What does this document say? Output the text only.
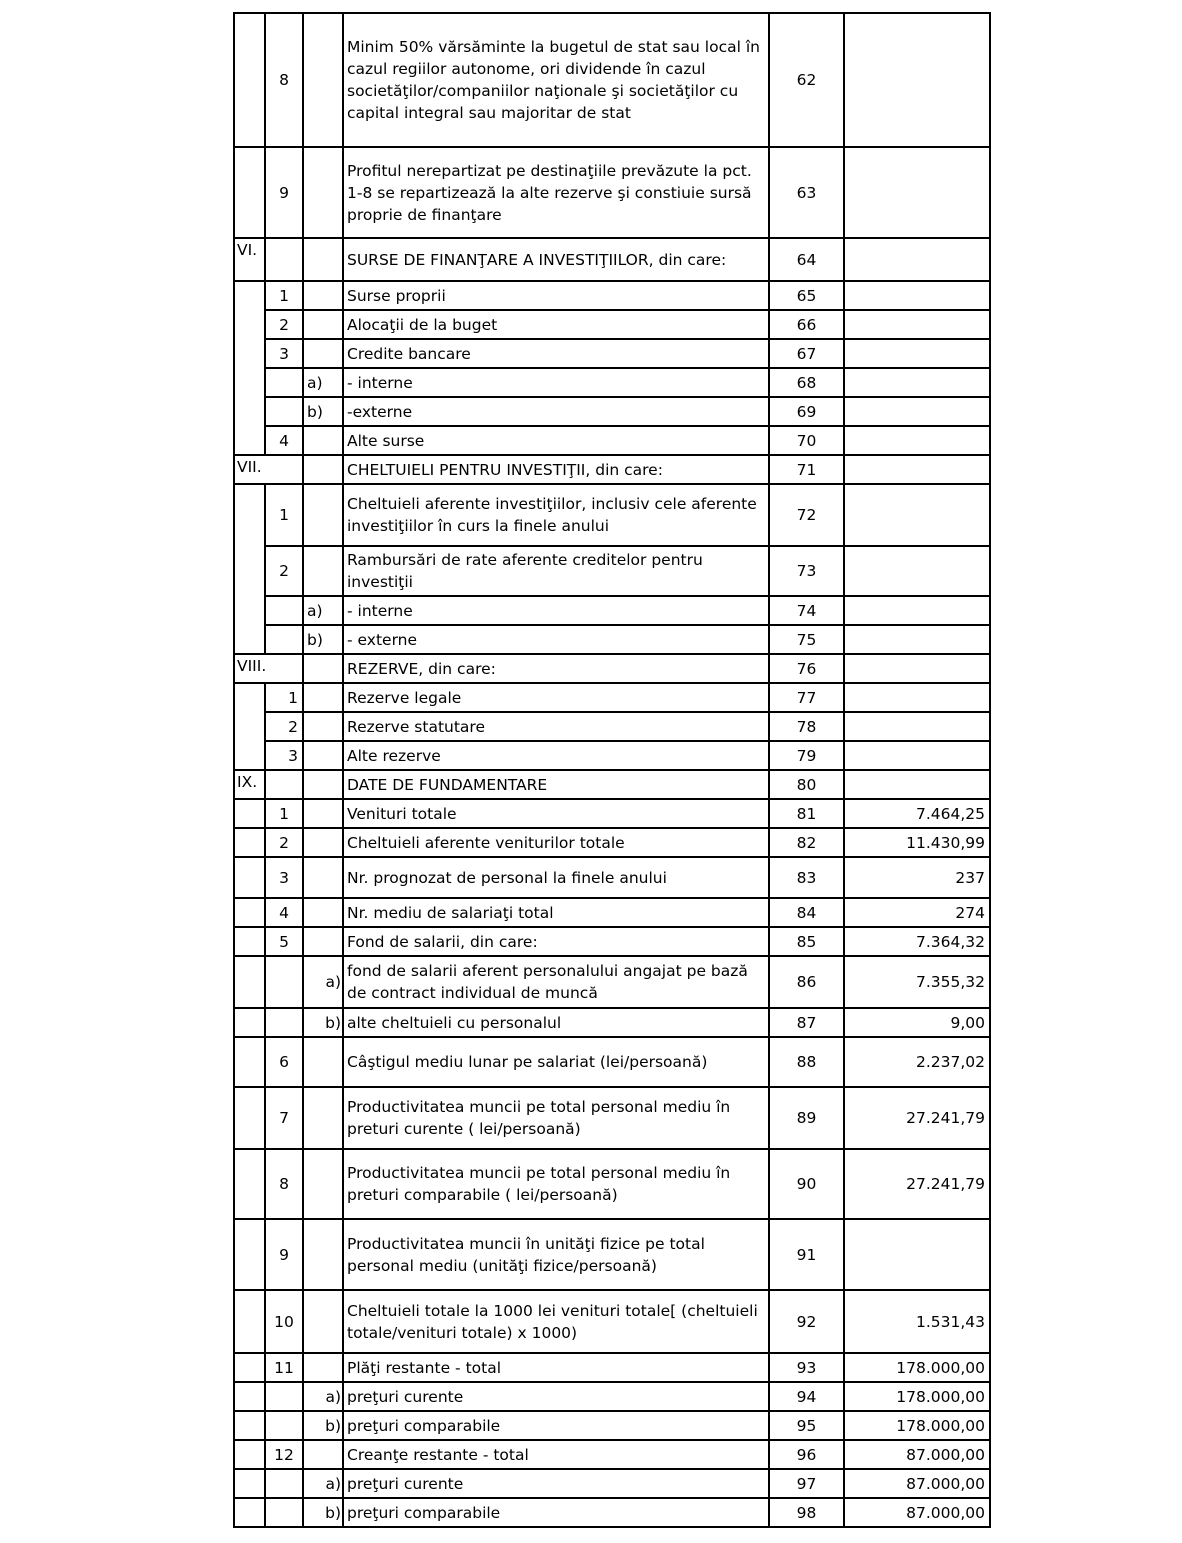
	8		Minim 50% vărsăminte la bugetul de stat sau local în cazul regiilor autonome, ori dividende în cazul societăţilor/companiilor naţionale şi societăţilor cu capital integral sau majoritar de stat	62	
	9		Profitul nerepartizat pe destinaţiile prevăzute la pct. 1-8 se repartizează la alte rezerve şi constiuie sursă proprie de finanţare	63	
VI.			SURSE DE FINANŢARE A INVESTIŢIILOR, din care:	64	
	1		Surse proprii	65	
	2		Alocaţii de la buget	66	
	3		Credite bancare	67	
		a)	- interne	68	
		b)	-externe	69	
	4		Alte surse	70	
VII.			CHELTUIELI PENTRU INVESTIŢII, din care:	71	
	1		Cheltuieli aferente investiţiilor, inclusiv cele aferente investiţiilor în curs la finele anului	72	
	2		Rambursări de rate aferente creditelor pentru investiţii	73	
		a)	- interne	74	
		b)	- externe	75	
VIII.			REZERVE, din care:	76	
	1		Rezerve legale	77	
	2		Rezerve statutare	78	
	3		Alte rezerve	79	
IX.			DATE DE FUNDAMENTARE	80	
	1		Venituri totale	81	7.464,25
	2		Cheltuieli aferente veniturilor totale	82	11.430,99
	3		Nr. prognozat de personal la finele anului	83	237
	4		Nr. mediu de salariaţi total	84	274
	5		Fond de salarii, din care:	85	7.364,32
		a)	fond de salarii aferent personalului angajat pe bază de contract individual de muncă	86	7.355,32
		b)	alte cheltuieli cu personalul	87	9,00
	6		Câştigul mediu lunar pe salariat (lei/persoană)	88	2.237,02
	7		Productivitatea muncii pe total personal mediu în preturi curente ( lei/persoană)	89	27.241,79
	8		Productivitatea muncii pe total personal mediu în preturi comparabile ( lei/persoană)	90	27.241,79
	9		Productivitatea muncii în unităţi fizice pe total personal mediu (unităţi fizice/persoană)	91	
	10		Cheltuieli totale la 1000 lei venituri totale[ (cheltuieli totale/venituri totale) x 1000)	92	1.531,43
	11		Plăţi restante - total	93	178.000,00
		a)	preţuri curente	94	178.000,00
		b)	preţuri comparabile	95	178.000,00
	12		Creanţe restante - total	96	87.000,00
		a)	preţuri curente	97	87.000,00
		b)	preţuri comparabile	98	87.000,00
